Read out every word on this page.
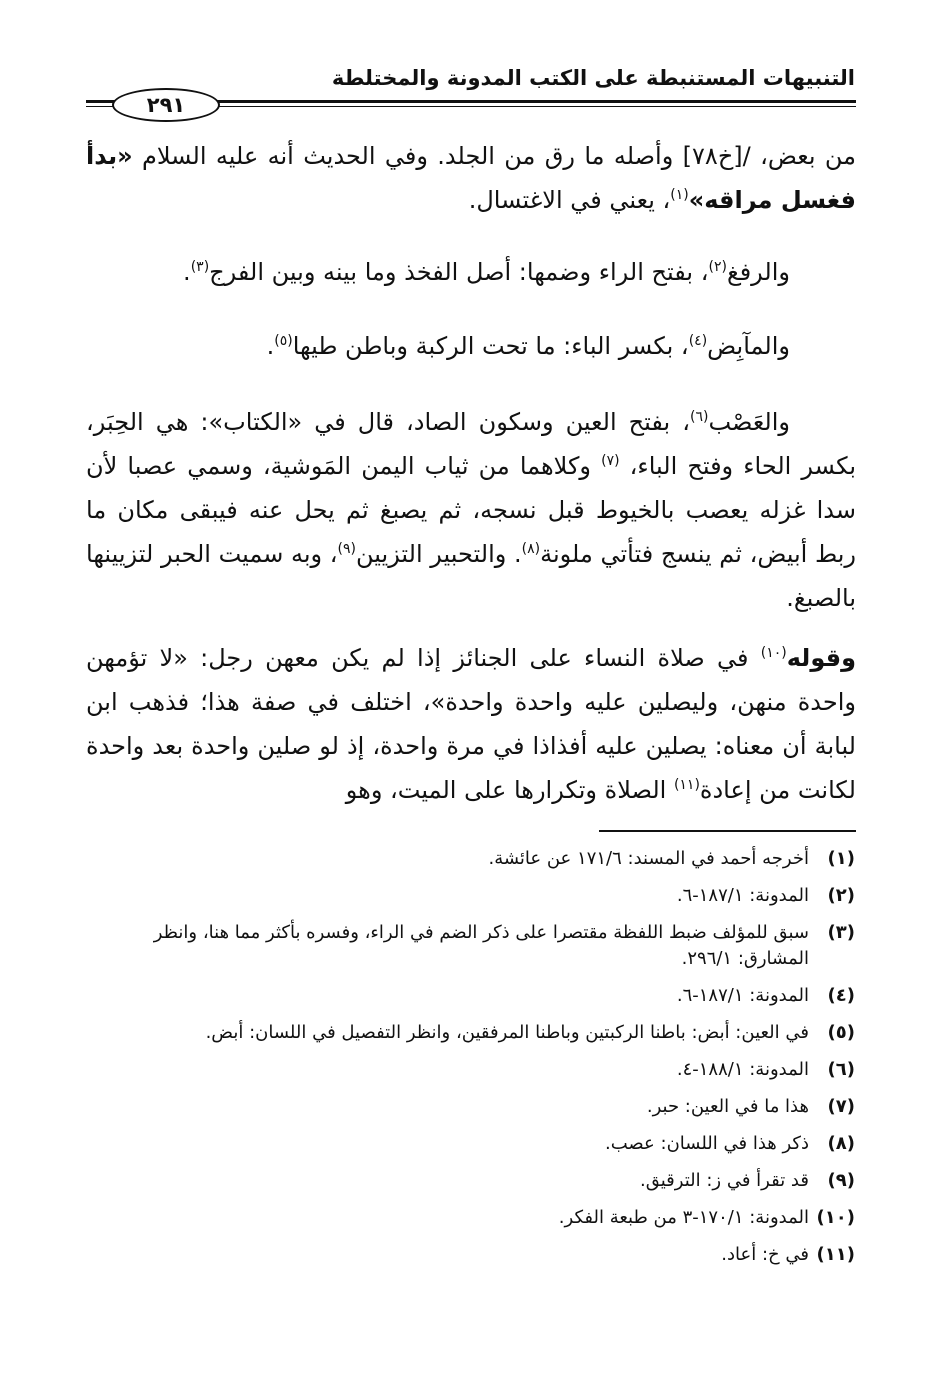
التنبيهات المستنبطة على الكتب المدونة والمختلطة
٢٩١

من بعض، /[خ٧٨] وأصله ما رق من الجلد. وفي الحديث أنه عليه السلام «بدأ فغسل مراقه»$^{(١)}$، يعني في الاغتسال.

والرفغ$^{(٢)}$، بفتح الراء وضمها: أصل الفخذ وما بينه وبين الفرج$^{(٣)}$.

والمآبِض$^{(٤)}$، بكسر الباء: ما تحت الركبة وباطن طيها$^{(٥)}$.

والعَصْب$^{(٦)}$، بفتح العين وسكون الصاد، قال في «الكتاب»: هي الحِبَر، بكسر الحاء وفتح الباء، $^{(٧)}$ وكلاهما من ثياب اليمن المَوشية، وسمي عصبا لأن سدا غزله يعصب بالخيوط قبل نسجه، ثم يصبغ ثم يحل عنه فيبقى مكان ما ربط أبيض، ثم ينسج فتأتي ملونة$^{(٨)}$. والتحبير التزيين$^{(٩)}$، وبه سميت الحبر لتزيينها بالصبغ.

وقوله$^{(١٠)}$ في صلاة النساء على الجنائز إذا لم يكن معهن رجل: «لا تؤمهن واحدة منهن، وليصلين عليه واحدة واحدة»، اختلف في صفة هذا؛ فذهب ابن لبابة أن معناه: يصلين عليه أفذاذا في مرة واحدة، إذ لو صلين واحدة بعد واحدة لكانت من إعادة$^{(١١)}$ الصلاة وتكرارها على الميت، وهو

(١)
أخرجه أحمد في المسند: ١٧١/٦ عن عائشة.
(٢)
المدونة: ١٨٧/١-٦.
(٣)
سبق للمؤلف ضبط اللفظة مقتصرا على ذكر الضم في الراء، وفسره بأكثر مما هنا، وانظر المشارق: ٢٩٦/١.
(٤)
المدونة: ١٨٧/١-٦.
(٥)
في العين: أبض: باطنا الركبتين وباطنا المرفقين، وانظر التفصيل في اللسان: أبض.
(٦)
المدونة: ١٨٨/١-٤.
(٧)
هذا ما في العين: حبر.
(٨)
ذكر هذا في اللسان: عصب.
(٩)
قد تقرأ في ز: الترقيق.
(١٠)
المدونة: ١٧٠/١-٣ من طبعة الفكر.
(١١)
في خ: أعاد.
